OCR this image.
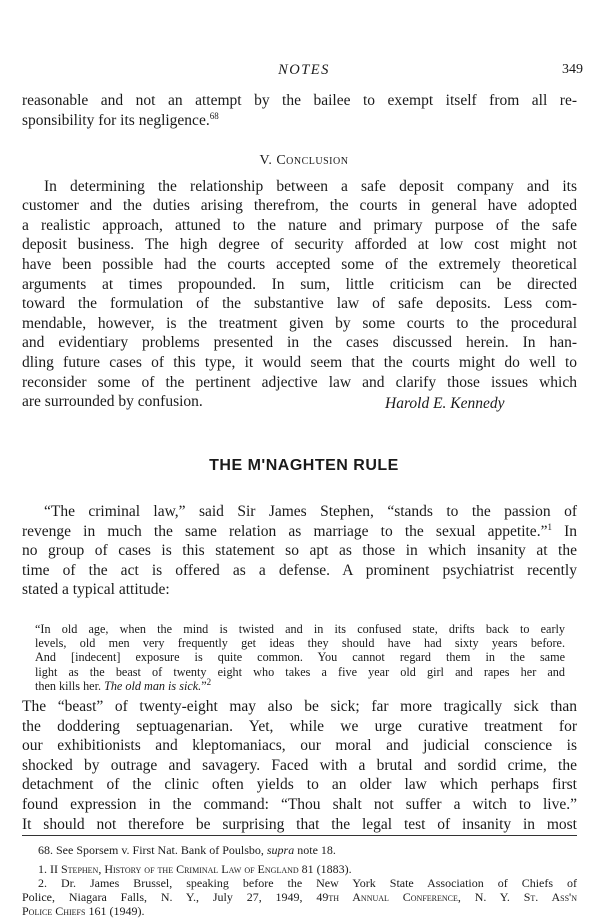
NOTES	349
reasonable and not an attempt by the bailee to exempt itself from all re-
sponsibility for its negligence.$^{68}$
V. Conclusion
In determining the relationship between a safe deposit company and its
customer and the duties arising therefrom, the courts in general have adopted
a realistic approach, attuned to the nature and primary purpose of the safe
deposit business. The high degree of security afforded at low cost might not
have been possible had the courts accepted some of the extremely theoretical
arguments at times propounded. In sum, little criticism can be directed
toward the formulation of the substantive law of safe deposits. Less com-
mendable, however, is the treatment given by some courts to the procedural
and evidentiary problems presented in the cases discussed herein. In han-
dling future cases of this type, it would seem that the courts might do well to
reconsider some of the pertinent adjective law and clarify those issues which
are surrounded by confusion.	Harold E. Kennedy
THE M'NAGHTEN RULE
“The criminal law,” said Sir James Stephen, “stands to the passion of
revenge in much the same relation as marriage to the sexual appetite.”$^1$ In
no group of cases is this statement so apt as those in which insanity at the
time of the act is offered as a defense. A prominent psychiatrist recently
stated a typical attitude:
“In old age, when the mind is twisted and in its confused state, drifts back to early
levels, old men very frequently get ideas they should have had sixty years before.
And [indecent] exposure is quite common. You cannot regard them in the same
light as the beast of twenty eight who takes a five year old girl and rapes her and
then kills her. The old man is sick.”$^2$
The “beast” of twenty-eight may also be sick; far more tragically sick than
the doddering septuagenarian. Yet, while we urge curative treatment for
our exhibitionists and kleptomaniacs, our moral and judicial conscience is
shocked by outrage and savagery. Faced with a brutal and sordid crime, the
detachment of the clinic often yields to an older law which perhaps first
found expression in the command: “Thou shalt not suffer a witch to live.”
It should not therefore be surprising that the legal test of insanity in most
68. See Sporsem v. First Nat. Bank of Poulsbo, supra note 18.
1. II Stephen, History of the Criminal Law of England 81 (1883).
2. Dr. James Brussel, speaking before the New York State Association of Chiefs of
Police, Niagara Falls, N. Y., July 27, 1949, 49th Annual Conference, N. Y. St. Ass'n
Police Chiefs 161 (1949).
